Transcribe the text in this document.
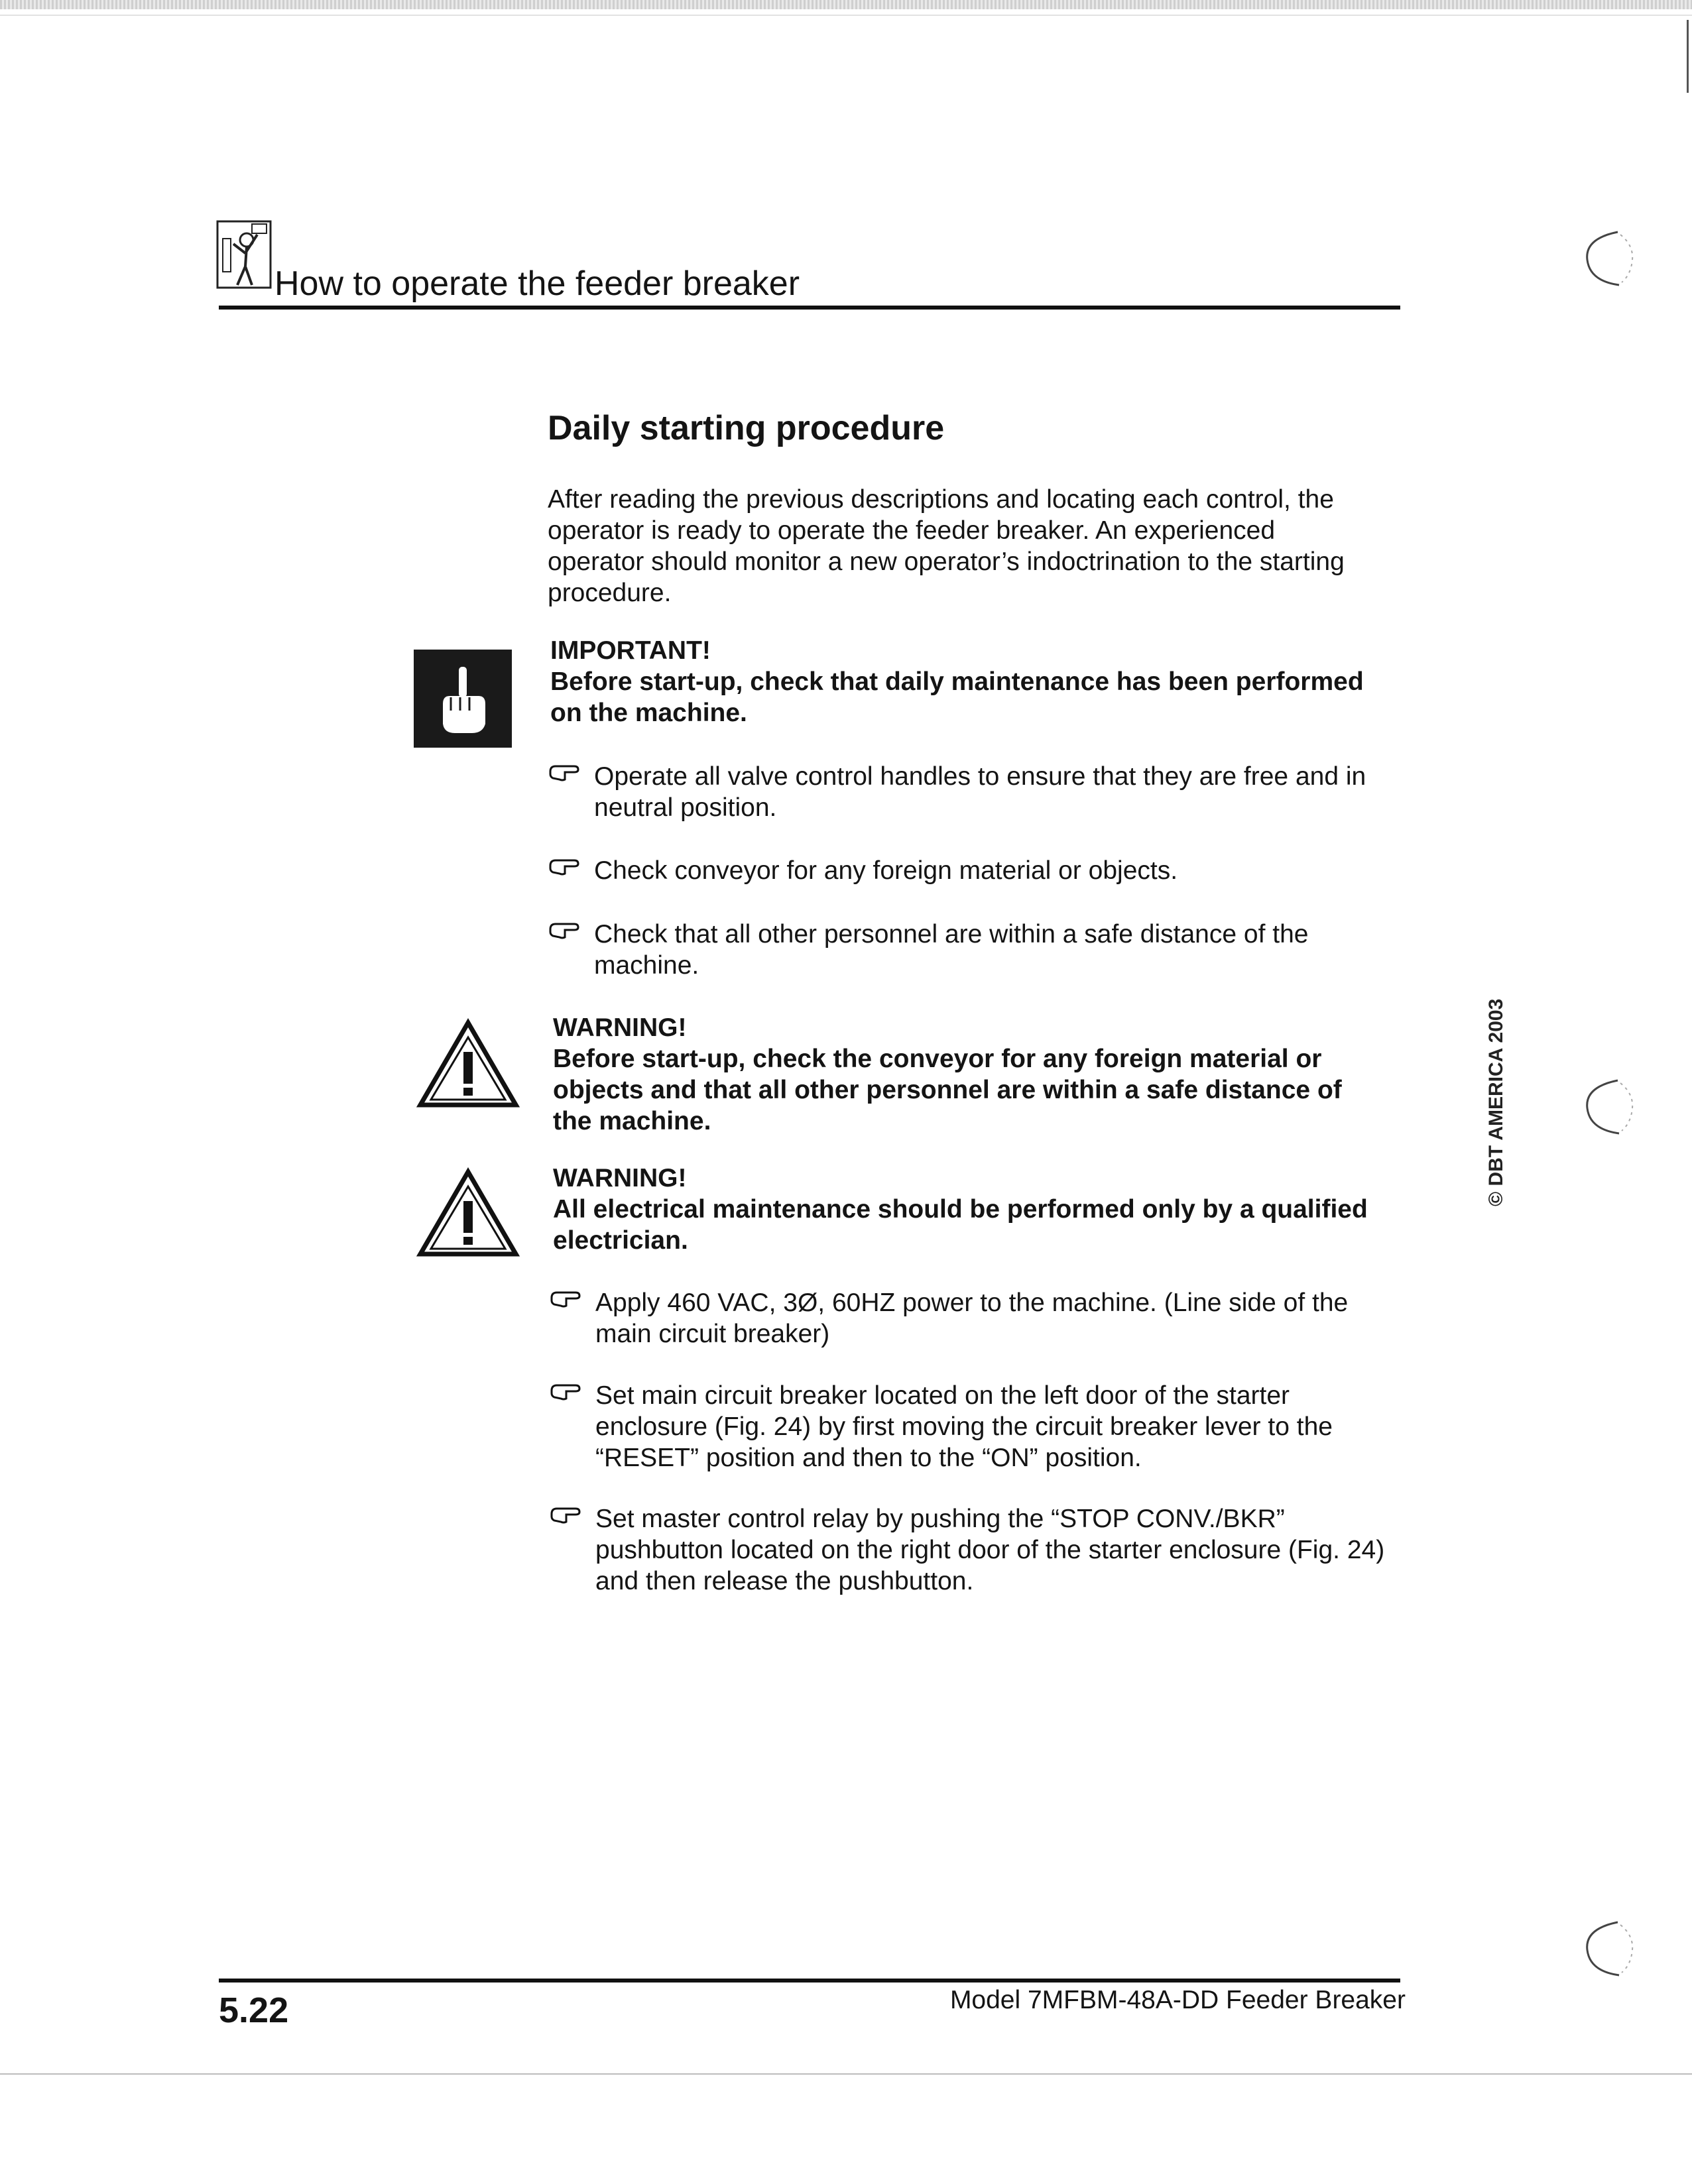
How to operate the feeder breaker
Daily starting procedure
After reading the previous descriptions and locating each control, the
operator is ready to operate the feeder breaker. An experienced
operator should monitor a new operator’s indoctrination to the starting
procedure.
IMPORTANT!
Before start-up, check that daily maintenance has been performed
on the machine.
Operate all valve control handles to ensure that they are free and in
neutral position.
Check conveyor for any foreign material or objects.
Check that all other personnel are within a safe distance of the
machine.
WARNING!
Before start-up, check the conveyor for any foreign material or
objects and that all other personnel are within a safe distance of
the machine.
WARNING!
All electrical maintenance should be performed only by a qualified
electrician.
Apply 460 VAC, 3Ø, 60HZ power to the machine. (Line side of the
main circuit breaker)
Set main circuit breaker located on the left door of the starter
enclosure (Fig. 24) by first moving the circuit breaker lever to the
“RESET” position and then to the “ON” position.
Set master control relay by pushing the “STOP CONV./BKR”
pushbutton located on the right door of the starter enclosure (Fig. 24)
and then release the pushbutton.
© DBT AMERICA 2003
5.22	Model 7MFBM-48A-DD Feeder Breaker
